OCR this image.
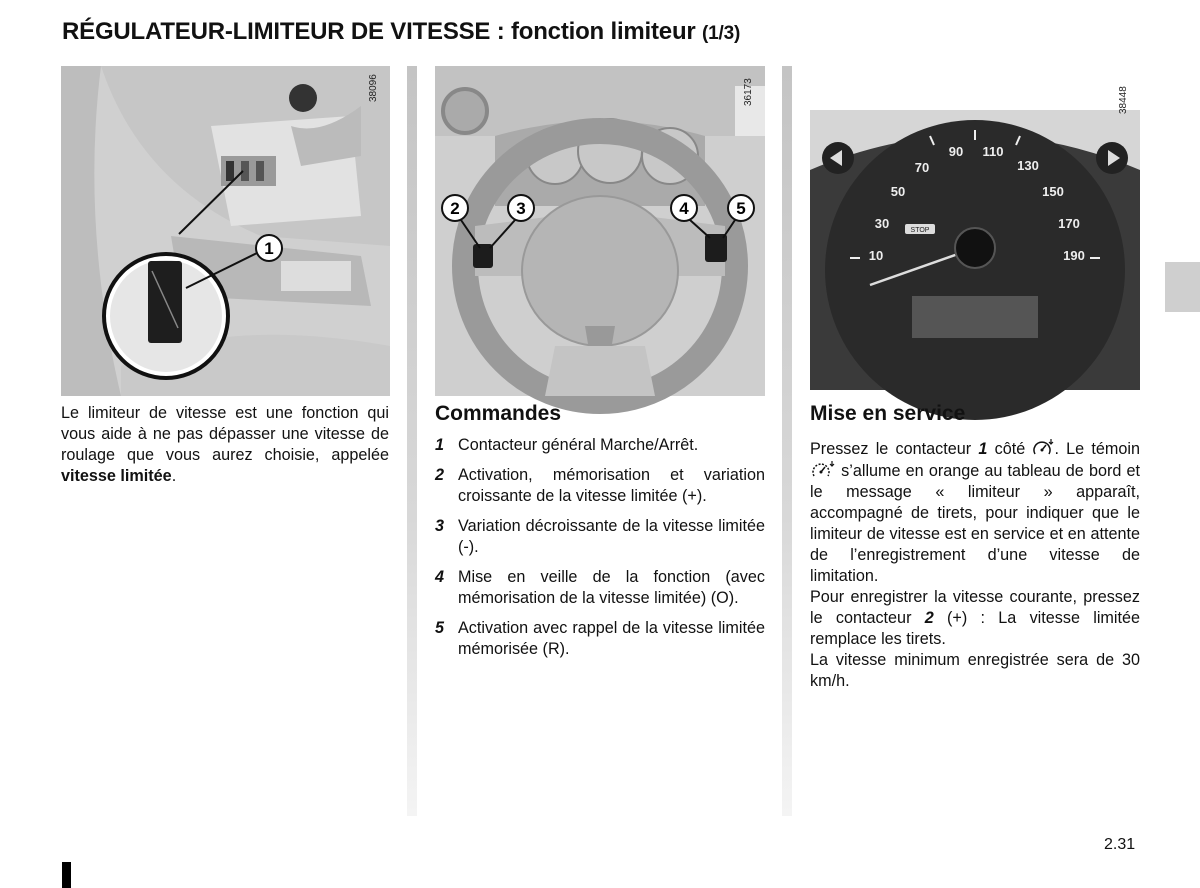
RÉGULATEUR-LIMITEUR DE VITESSE : fonction limiteur (1/3)
1
38096
2	3	4	5
36173
10
30
50
70
90 110
130
150
170
190
STOP
38448
Le limiteur de vitesse est une fonction qui vous aide à ne pas dépasser une vitesse de roulage que vous aurez choisie, appelée vitesse limitée.
Commandes
1 Contacteur général Marche/Arrêt.
2 Activation, mémorisation et variation croissante de la vitesse limitée (+).
3 Variation décroissante de la vitesse limitée (-).
4 Mise en veille de la fonction (avec mémorisation de la vitesse limitée) (O).
5 Activation avec rappel de la vitesse limitée mémorisée (R).
Mise en service

Pressez le contacteur 1 côté . Le témoin  s’allume en orange au tableau de bord et le message « limiteur » apparaît, accompagné de tirets, pour indiquer que le limiteur de vitesse est en service et en attente de l’enregistrement d’une vitesse de limitation.

Pour enregistrer la vitesse courante, pressez le contacteur 2 (+) : La vitesse limitée remplace les tirets.

La vitesse minimum enregistrée sera de 30 km/h.

2.31
